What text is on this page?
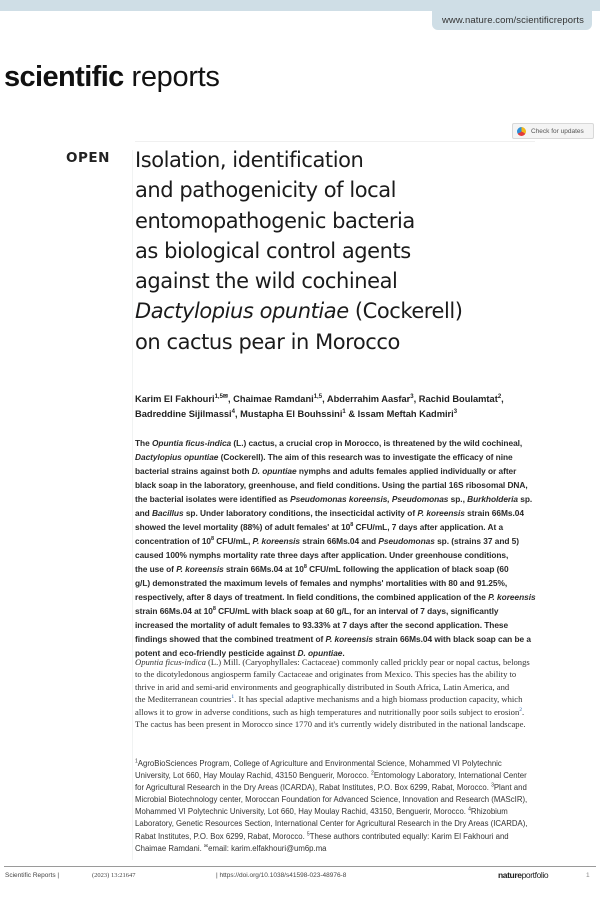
www.nature.com/scientificreports
scientific reports
Check for updates
OPEN Isolation, identification
and pathogenicity of local
entomopathogenic bacteria
as biological control agents
against the wild cochineal
Dactylopius opuntiae (Cockerell)
on cactus pear in Morocco
Karim El Fakhouri$^{1,5✉}$, Chaimae Ramdani$^{1,5}$, Abderrahim Aasfar$^3$, Rachid Boulamtat$^2$,
Badreddine Sijilmassi$^4$, Mustapha El Bouhssini$^1$ & Issam Meftah Kadmiri$^3$
The Opuntia ficus-indica (L.) cactus, a crucial crop in Morocco, is threatened by the wild cochineal,
Dactylopius opuntiae (Cockerell). The aim of this research was to investigate the efficacy of nine
bacterial strains against both D. opuntiae nymphs and adults females applied individually or after
black soap in the laboratory, greenhouse, and field conditions. Using the partial 16S ribosomal DNA,
the bacterial isolates were identified as Pseudomonas koreensis, Pseudomonas sp., Burkholderia sp.
and Bacillus sp. Under laboratory conditions, the insecticidal activity of P. koreensis strain 66Ms.04
showed the level mortality (88%) of adult females' at $10^8$ CFU/mL, 7 days after application. At a
concentration of $10^8$ CFU/mL, P. koreensis strain 66Ms.04 and Pseudomonas sp. (strains 37 and 5)
caused 100% nymphs mortality rate three days after application. Under greenhouse conditions,
the use of P. koreensis strain 66Ms.04 at $10^8$ CFU/mL following the application of black soap (60
g/L) demonstrated the maximum levels of females and nymphs' mortalities with 80 and 91.25%,
respectively, after 8 days of treatment. In field conditions, the combined application of the P. koreensis
strain 66Ms.04 at $10^8$ CFU/mL with black soap at 60 g/L, for an interval of 7 days, significantly
increased the mortality of adult females to 93.33% at 7 days after the second application. These
findings showed that the combined treatment of P. koreensis strain 66Ms.04 with black soap can be a
potent and eco-friendly pesticide against D. opuntiae.
Opuntia ficus-indica (L.) Mill. (Caryophyllales: Cactaceae) commonly called prickly pear or nopal cactus, belongs
to the dicotyledonous angiosperm family Cactaceae and originates from Mexico. This species has the ability to
thrive in arid and semi-arid environments and geographically distributed in South Africa, Latin America, and
the Mediterranean countries$^1$. It has special adaptive mechanisms and a high biomass production capacity, which
allows it to grow in adverse conditions, such as high temperatures and nutritionally poor soils subject to erosion$^2$.
The cactus has been present in Morocco since 1770 and it's currently widely distributed in the national landscape.
$^1$AgroBioSciences Program, College of Agriculture and Environmental Science, Mohammed VI Polytechnic
University, Lot 660, Hay Moulay Rachid, 43150 Benguerir, Morocco. $^2$Entomology Laboratory, International Center
for Agricultural Research in the Dry Areas (ICARDA), Rabat Institutes, P.O. Box 6299, Rabat, Morocco. $^3$Plant and
Microbial Biotechnology center, Moroccan Foundation for Advanced Science, Innovation and Research (MAScIR),
Mohammed VI Polytechnic University, Lot 660, Hay Moulay Rachid, 43150, Benguerir, Morocco. $^4$Rhizobium
Laboratory, Genetic Resources Section, International Center for Agricultural Research in the Dry Areas (ICARDA),
Rabat Institutes, P.O. Box 6299, Rabat, Morocco. $^5$These authors contributed equally: Karim El Fakhouri and
Chaimae Ramdani. ✉email: karim.elfakhouri@um6p.ma
Scientific Reports |	(2023) 13:21647	| https://doi.org/10.1038/s41598-023-48976-8	natureportfolio	1
